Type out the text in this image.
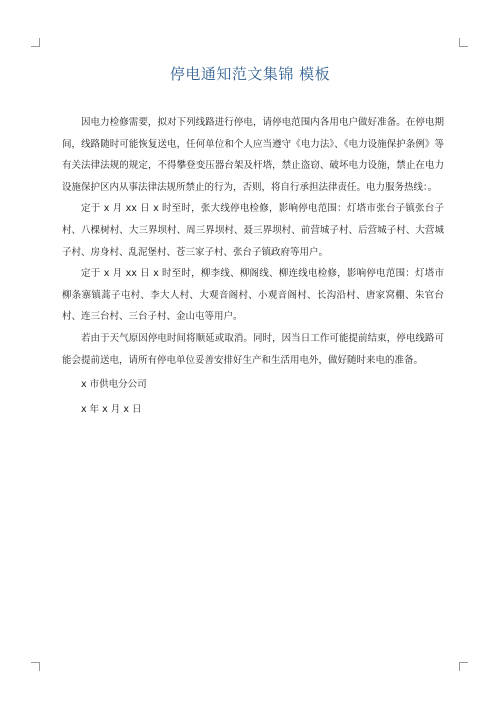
停电通知范文集锦 模板

因电力检修需要，拟对下列线路进行停电，请停电范围内各用电户做好准备。在停电期间，线路随时可能恢复送电，任何单位和个人应当遵守《电力法》、《电力设施保护条例》等有关法律法规的规定，不得攀登变压器台架及杆塔，禁止盗窃、破坏电力设施，禁止在电力设施保护区内从事法律法规所禁止的行为，否则，将自行承担法律责任。电力服务热线：。

定于 x 月 xx 日 x 时至时，张大线停电检修，影响停电范围：灯塔市张台子镇张台子村、八棵树村、大三界坝村、周三界坝村、聂三界坝村、前营城子村、后营城子村、大营城子村、房身村、乱泥堡村、苍三家子村、张台子镇政府等用户。

定于 x 月 xx 日 x 时至时，柳李线、柳阁线、柳连线电检修，影响停电范围：灯塔市柳条寨镇蒿子屯村、李大人村、大观音阁村、小观音阁村、长沟沿村、唐家窝棚、朱官台村、连三台村、三台子村、金山屯等用户。

若由于天气原因停电时间将顺延或取消。同时，因当日工作可能提前结束，停电线路可能会提前送电，请所有停电单位妥善安排好生产和生活用电外，做好随时来电的准备。

x 市供电分公司

x 年 x 月 x 日
